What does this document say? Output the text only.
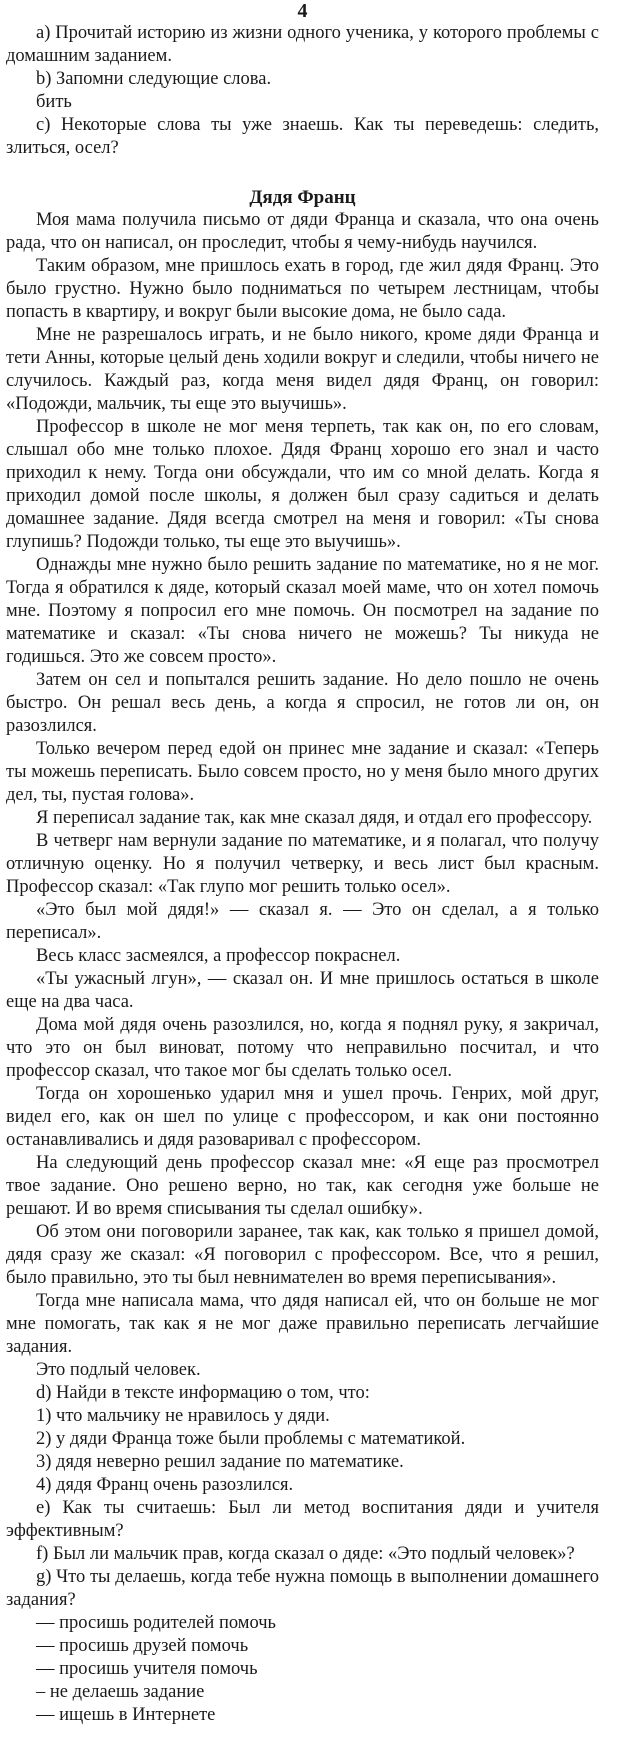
4

a) Прочитай историю из жизни одного ученика, у которого проблемы с домашним заданием.

b) Запомни следующие слова.

бить

c) Некоторые слова ты уже знаешь. Как ты переведешь: следить, злиться, осел?

Дядя Франц

Моя мама получила письмо от дяди Франца и сказала, что она очень рада, что он написал, он проследит, чтобы я чему-нибудь научился.

Таким образом, мне пришлось ехать в город, где жил дядя Франц. Это было грустно. Нужно было подниматься по четырем лестницам, чтобы попасть в квартиру, и вокруг были высокие дома, не было сада.

Мне не разрешалось играть, и не было никого, кроме дяди Франца и тети Анны, которые целый день ходили вокруг и следили, чтобы ничего не случилось. Каждый раз, когда меня видел дядя Франц, он говорил: «Подожди, мальчик, ты еще это выучишь».

Профессор в школе не мог меня терпеть, так как он, по его словам, слышал обо мне только плохое. Дядя Франц хорошо его знал и часто приходил к нему. Тогда они обсуждали, что им со мной делать. Когда я приходил домой после школы, я должен был сразу садиться и делать домашнее задание. Дядя всегда смотрел на меня и говорил: «Ты снова глупишь? Подожди только, ты еще это выучишь».

Однажды мне нужно было решить задание по математике, но я не мог. Тогда я обратился к дяде, который сказал моей маме, что он хотел помочь мне. Поэтому я попросил его мне помочь. Он посмотрел на задание по математике и сказал: «Ты снова ничего не можешь? Ты никуда не годишься. Это же совсем просто».

Затем он сел и попытался решить задание. Но дело пошло не очень быстро. Он решал весь день, а когда я спросил, не готов ли он, он разозлился.

Только вечером перед едой он принес мне задание и сказал: «Теперь ты можешь переписать. Было совсем просто, но у меня было много других дел, ты, пустая голова».

Я переписал задание так, как мне сказал дядя, и отдал его профессору.

В четверг нам вернули задание по математике, и я полагал, что получу отличную оценку. Но я получил четверку, и весь лист был красным. Профессор сказал: «Так глупо мог решить только осел».

«Это был мой дядя!» — сказал я. — Это он сделал, а я только переписал».

Весь класс засмеялся, а профессор покраснел.

«Ты ужасный лгун», — сказал он. И мне пришлось остаться в школе еще на два часа.

Дома мой дядя очень разозлился, но, когда я поднял руку, я закричал, что это он был виноват, потому что неправильно посчитал, и что профессор сказал, что такое мог бы сделать только осел.

Тогда он хорошенько ударил мня и ушел прочь. Генрих, мой друг, видел его, как он шел по улице с профессором, и как они постоянно останавливались и дядя разоваривал с профессором.

На следующий день профессор сказал мне: «Я еще раз просмотрел твое задание. Оно решено верно, но так, как сегодня уже больше не решают. И во время списывания ты сделал ошибку».

Об этом они поговорили заранее, так как, как только я пришел домой, дядя сразу же сказал: «Я поговорил с профессором. Все, что я решил, было правильно, это ты был невнимателен во время переписывания».

Тогда мне написала мама, что дядя написал ей, что он больше не мог мне помогать, так как я не мог даже правильно переписать легчайшие задания.

Это подлый человек.

d) Найди в тексте информацию о том, что:

1) что мальчику не нравилось у дяди.

2) у дяди Франца тоже были проблемы с математикой.

3) дядя неверно решил задание по математике.

4) дядя Франц очень разозлился.

e) Как ты считаешь: Был ли метод воспитания дяди и учителя эффективным?

f) Был ли мальчик прав, когда сказал о дяде: «Это подлый человек»?

g) Что ты делаешь, когда тебе нужна помощь в выполнении домашнего задания?

— просишь родителей помочь

— просишь друзей помочь

— просишь учителя помочь

– не делаешь задание

— ищешь в Интернете
